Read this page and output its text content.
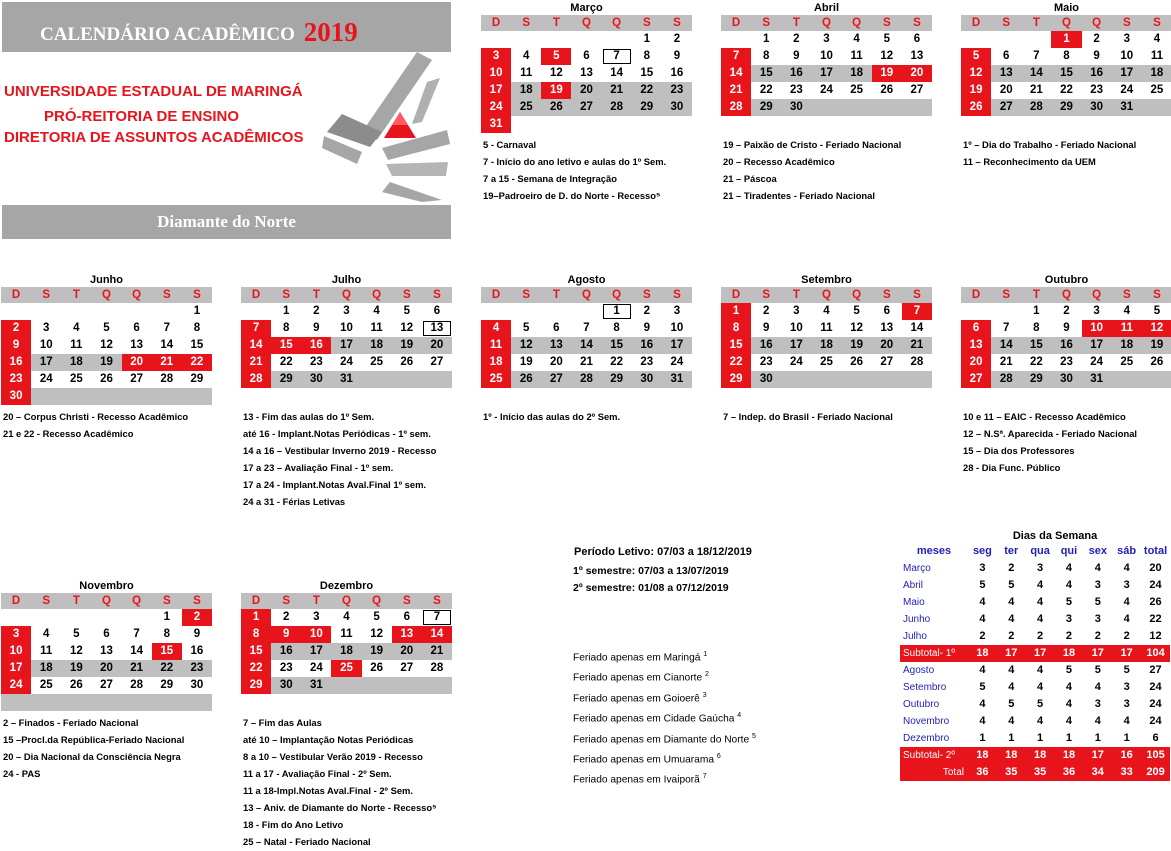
CALENDÁRIO ACADÊMICO 2019
UNIVERSIDADE ESTADUAL DE MARINGÁ
PRÓ-REITORIA DE ENSINO
DIRETORIA DE ASSUNTOS ACADÊMICOS
Diamante do Norte
Março
D	S	T	Q	Q	S	S
					1	2
3	4	5	6	7	8	9
10	11	12	13	14	15	16
17	18	19	20	21	22	23
24	25	26	27	28	29	30
31						
Abril
D	S	T	Q	Q	S	S
	1	2	3	4	5	6
7	8	9	10	11	12	13
14	15	16	17	18	19	20
21	22	23	24	25	26	27
28	29	30				

Maio
D	S	T	Q	Q	S	S
			1	2	3	4
5	6	7	8	9	10	11
12	13	14	15	16	17	18
19	20	21	22	23	24	25
26	27	28	29	30	31	

Junho
D	S	T	Q	Q	S	S
						1
2	3	4	5	6	7	8
9	10	11	12	13	14	15
16	17	18	19	20	21	22
23	24	25	26	27	28	29
30						
Julho
D	S	T	Q	Q	S	S
	1	2	3	4	5	6
7	8	9	10	11	12	13
14	15	16	17	18	19	20
21	22	23	24	25	26	27
28	29	30	31			

Agosto
D	S	T	Q	Q	S	S
				1	2	3
4	5	6	7	8	9	10
11	12	13	14	15	16	17
18	19	20	21	22	23	24
25	26	27	28	29	30	31

Setembro
D	S	T	Q	Q	S	S
1	2	3	4	5	6	7
8	9	10	11	12	13	14
15	16	17	18	19	20	21
22	23	24	25	26	27	28
29	30					

Outubro
D	S	T	Q	Q	S	S
		1	2	3	4	5
6	7	8	9	10	11	12
13	14	15	16	17	18	19
20	21	22	23	24	25	26
27	28	29	30	31		

Novembro
D	S	T	Q	Q	S	S
					1	2
3	4	5	6	7	8	9
10	11	12	13	14	15	16
17	18	19	20	21	22	23
24	25	26	27	28	29	30

Dezembro
D	S	T	Q	Q	S	S
1	2	3	4	5	6	7
8	9	10	11	12	13	14
15	16	17	18	19	20	21
22	23	24	25	26	27	28
29	30	31				

5 - Carnaval
7 - Início do ano letivo e aulas do 1º Sem.
7 a 15 - Semana de Integração
19–Padroeiro de D. do Norte - Recesso⁵
19 – Paixão de Cristo - Feriado Nacional
20 – Recesso Acadêmico
21 – Páscoa
21 – Tiradentes - Feriado Nacional
1º – Dia do Trabalho - Feriado Nacional
11 – Reconhecimento da UEM
20 – Corpus Christi - Recesso Acadêmico
21 e 22 - Recesso Acadêmico
13 - Fim das aulas do 1º Sem.
até 16 - Implant.Notas Periódicas - 1º sem.
14 a 16 – Vestibular Inverno 2019 - Recesso
17 a 23 – Avaliação Final - 1º sem.
17 a 24 - Implant.Notas Aval.Final 1º sem.
24 a 31 - Férias Letivas
1º - Início das aulas do 2º Sem.	7 – Indep. do Brasil - Feriado Nacional	10 e 11 – EAIC - Recesso Acadêmico
12 – N.Sª. Aparecida - Feriado Nacional
15 – Dia dos Professores
28 - Dia Func. Público
2 – Finados - Feriado Nacional
15 –Procl.da República-Feriado Nacional
20 – Dia Nacional da Consciência Negra
24 - PAS
7 – Fim das Aulas
até 10 – Implantação Notas Periódicas
8 a 10 – Vestibular Verão 2019 - Recesso
11 a 17 - Avaliação Final - 2º Sem.
11 a 18-Impl.Notas Aval.Final - 2º Sem.
13 – Aniv. de Diamante do Norte - Recesso⁵
18 - Fim do Ano Letivo
25 – Natal - Feriado Nacional
Período Letivo: 07/03 a 18/12/2019
1º semestre: 07/03 a 13/07/2019
2º semestre: 01/08 a 07/12/2019
Feriado apenas em Maringá $^1$
Feriado apenas em Cianorte $^2$
Feriado apenas em Goioerê $^3$
Feriado apenas em Cidade Gaúcha $^4$
Feriado apenas em Diamante do Norte $^5$
Feriado apenas em Umuarama $^6$
Feriado apenas em Ivaiporã $^7$
Dias da Semana
meses	seg	ter	qua	qui	sex	sáb	total
Março	3	2	3	4	4	4	20
Abril	5	5	4	4	3	3	24
Maio	4	4	4	5	5	4	26
Junho	4	4	4	3	3	4	22
Julho	2	2	2	2	2	2	12
Subtotal- 1º	18	17	17	18	17	17	104
Agosto	4	4	4	5	5	5	27
Setembro	5	4	4	4	4	3	24
Outubro	4	5	5	4	3	3	24
Novembro	4	4	4	4	4	4	24
Dezembro	1	1	1	1	1	1	6
Subtotal- 2º	18	18	18	18	17	16	105
Total	36	35	35	36	34	33	209
